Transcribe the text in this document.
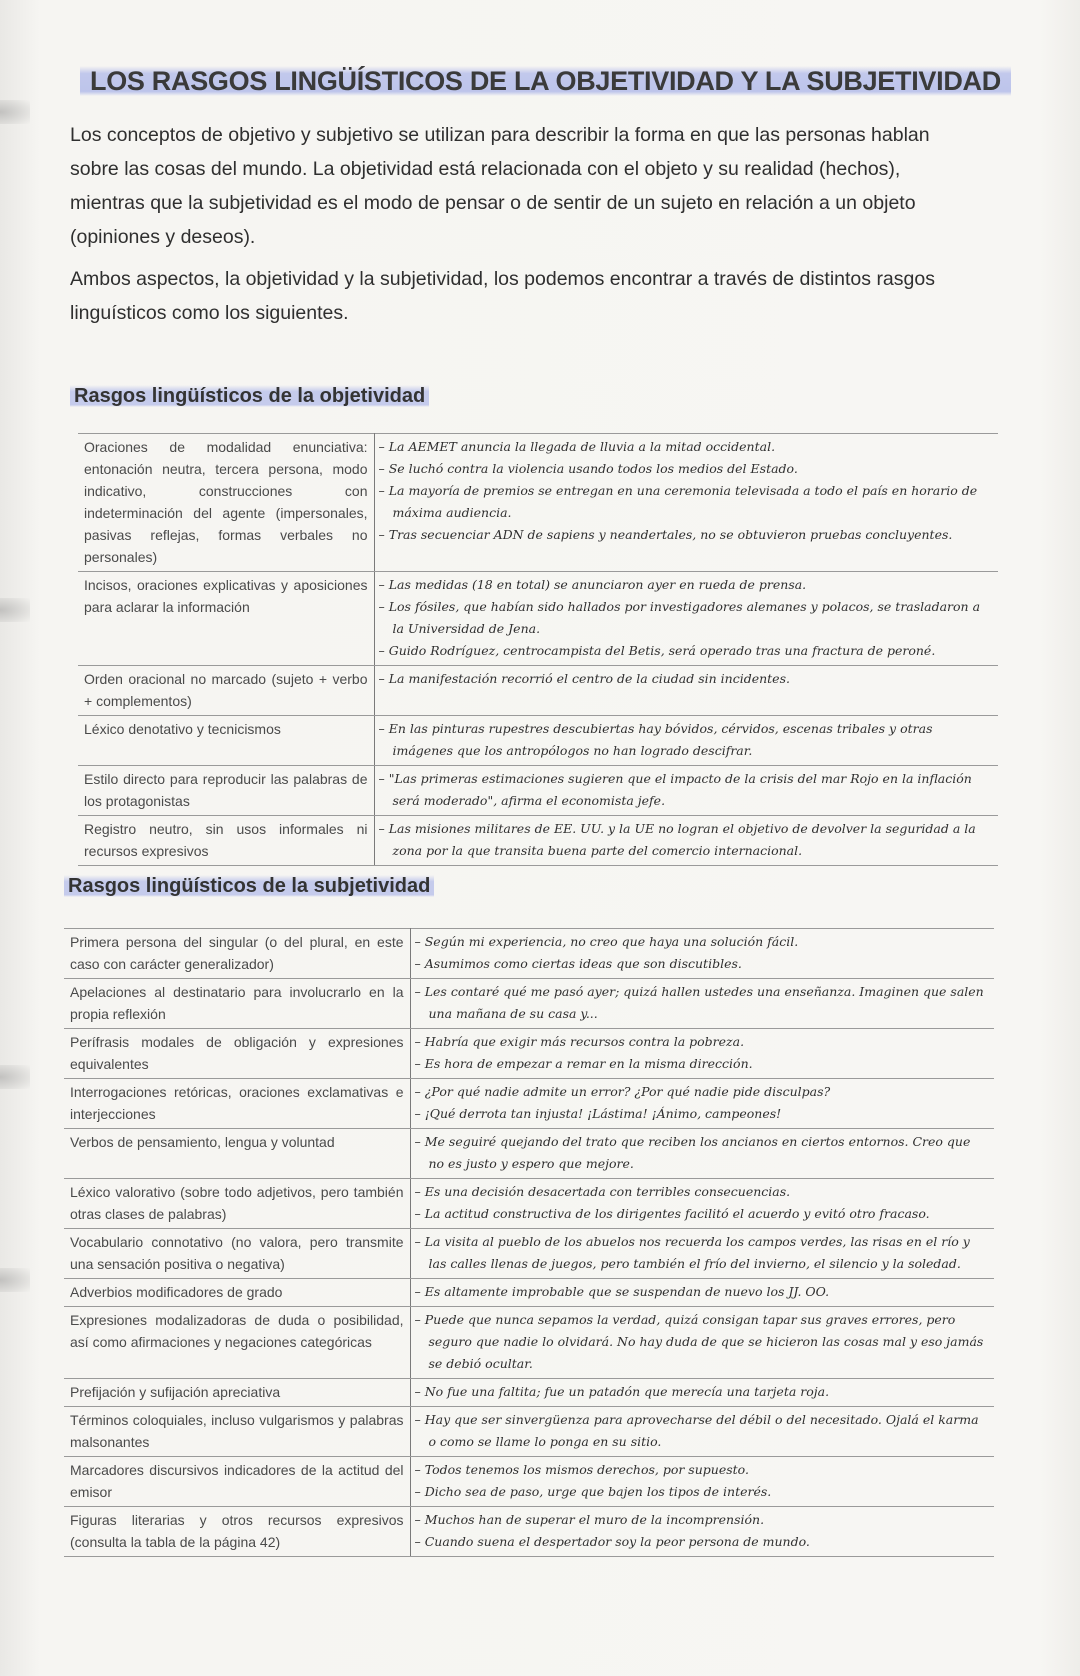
LOS RASGOS LINGÜÍSTICOS DE LA OBJETIVIDAD Y LA SUBJETIVIDAD

Los conceptos de objetivo y subjetivo se utilizan para describir la forma en que las personas hablan sobre las cosas del mundo. La objetividad está relacionada con el objeto y su realidad (hechos), mientras que la subjetividad es el modo de pensar o de sentir de un sujeto en relación a un objeto (opiniones y deseos).

Ambos aspectos, la objetividad y la subjetividad, los podemos encontrar a través de distintos rasgos linguísticos como los siguientes.

Rasgos lingüísticos de la objetividad
Oraciones de modalidad enunciativa: entonación neutra, tercera persona, modo indicativo, construcciones con indeterminación del agente (impersonales, pasivas reflejas, formas verbales no personales)	– La AEMET anuncia la llegada de lluvia a la mitad occidental.
– Se luchó contra la violencia usando todos los medios del Estado.
– La mayoría de premios se entregan en una ceremonia televisada a todo el país en horario de máxima audiencia.
– Tras secuenciar ADN de sapiens y neandertales, no se obtuvieron pruebas concluyentes.

Incisos, oraciones explicativas y aposiciones para aclarar la información	– Las medidas (18 en total) se anunciaron ayer en rueda de prensa.
– Los fósiles, que habían sido hallados por investigadores alemanes y polacos, se trasladaron a la Universidad de Jena.
– Guido Rodríguez, centrocampista del Betis, será operado tras una fractura de peroné.

Orden oracional no marcado (sujeto + verbo + complementos)	– La manifestación recorrió el centro de la ciudad sin incidentes.

Léxico denotativo y tecnicismos	– En las pinturas rupestres descubiertas hay bóvidos, cérvidos, escenas tribales y otras imágenes que los antropólogos no han logrado descifrar.

Estilo directo para reproducir las palabras de los protagonistas	– "Las primeras estimaciones sugieren que el impacto de la crisis del mar Rojo en la inflación será moderado", afirma el economista jefe.

Registro neutro, sin usos informales ni recursos expresivos	– Las misiones militares de EE. UU. y la UE no logran el objetivo de devolver la seguridad a la zona por la que transita buena parte del comercio internacional.
Rasgos lingüísticos de la subjetividad
Primera persona del singular (o del plural, en este caso con carácter generalizador)	– Según mi experiencia, no creo que haya una solución fácil.
– Asumimos como ciertas ideas que son discutibles.

Apelaciones al destinatario para involucrarlo en la propia reflexión	– Les contaré qué me pasó ayer; quizá hallen ustedes una enseñanza. Imaginen que salen una mañana de su casa y...

Perífrasis modales de obligación y expresiones equivalentes	– Habría que exigir más recursos contra la pobreza.
– Es hora de empezar a remar en la misma dirección.

Interrogaciones retóricas, oraciones exclamativas e interjecciones	– ¿Por qué nadie admite un error? ¿Por qué nadie pide disculpas?
– ¡Qué derrota tan injusta! ¡Lástima! ¡Ánimo, campeones!

Verbos de pensamiento, lengua y voluntad	– Me seguiré quejando del trato que reciben los ancianos en ciertos entornos. Creo que no es justo y espero que mejore.

Léxico valorativo (sobre todo adjetivos, pero también otras clases de palabras)	– Es una decisión desacertada con terribles consecuencias.
– La actitud constructiva de los dirigentes facilitó el acuerdo y evitó otro fracaso.

Vocabulario connotativo (no valora, pero transmite una sensación positiva o negativa)	– La visita al pueblo de los abuelos nos recuerda los campos verdes, las risas en el río y las calles llenas de juegos, pero también el frío del invierno, el silencio y la soledad.

Adverbios modificadores de grado	– Es altamente improbable que se suspendan de nuevo los JJ. OO.

Expresiones modalizadoras de duda o posibilidad, así como afirmaciones y negaciones categóricas	– Puede que nunca sepamos la verdad, quizá consigan tapar sus graves errores, pero seguro que nadie lo olvidará. No hay duda de que se hicieron las cosas mal y eso jamás se debió ocultar.

Prefijación y sufijación apreciativa	– No fue una faltita; fue un patadón que merecía una tarjeta roja.

Términos coloquiales, incluso vulgarismos y palabras malsonantes	– Hay que ser sinvergüenza para aprovecharse del débil o del necesitado. Ojalá el karma o como se llame lo ponga en su sitio.

Marcadores discursivos indicadores de la actitud del emisor	– Todos tenemos los mismos derechos, por supuesto.
– Dicho sea de paso, urge que bajen los tipos de interés.

Figuras literarias y otros recursos expresivos (consulta la tabla de la página 42)	– Muchos han de superar el muro de la incomprensión.
– Cuando suena el despertador soy la peor persona de mundo.
